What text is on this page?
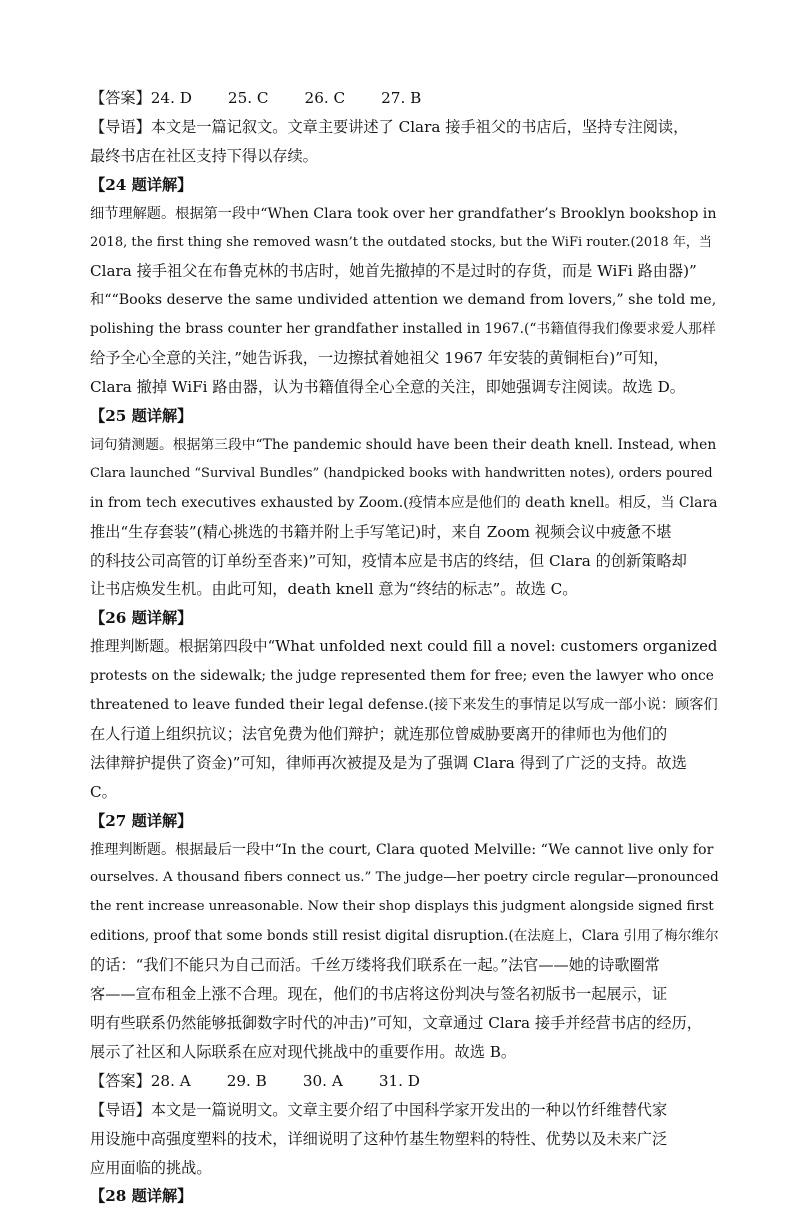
【答案】24. D 25. C 26. C 27. B

【导语】本文是一篇记叙文。文章主要讲述了 Clara 接手祖父的书店后，坚持专注阅读，

最终书店在社区支持下得以存续。

【24 题详解】

细节理解题。根据第一段中“When Clara took over her grandfather’s Brooklyn bookshop in

2018, the first thing she removed wasn’t the outdated stocks, but the WiFi router.(2018 年，当

Clara 接手祖父在布鲁克林的书店时，她首先撤掉的不是过时的存货，而是 WiFi 路由器)”

和““Books deserve the same undivided attention we demand from lovers,” she told me,

polishing the brass counter her grandfather installed in 1967.(“书籍值得我们像要求爱人那样

给予全心全意的关注，”她告诉我，一边擦拭着她祖父 1967 年安装的黄铜柜台)”可知，

Clara 撤掉 WiFi 路由器，认为书籍值得全心全意的关注，即她强调专注阅读。故选 D。

【25 题详解】

词句猜测题。根据第三段中“The pandemic should have been their death knell. Instead, when

Clara launched “Survival Bundles” (handpicked books with handwritten notes), orders poured

in from tech executives exhausted by Zoom.(疫情本应是他们的 death knell。相反，当 Clara

推出“生存套装”(精心挑选的书籍并附上手写笔记)时，来自 Zoom 视频会议中疲惫不堪

的科技公司高管的订单纷至沓来)”可知，疫情本应是书店的终结，但 Clara 的创新策略却

让书店焕发生机。由此可知，death knell 意为“终结的标志”。故选 C。

【26 题详解】

推理判断题。根据第四段中“What unfolded next could fill a novel: customers organized

protests on the sidewalk; the judge represented them for free; even the lawyer who once

threatened to leave funded their legal defense.(接下来发生的事情足以写成一部小说：顾客们

在人行道上组织抗议；法官免费为他们辩护；就连那位曾威胁要离开的律师也为他们的

法律辩护提供了资金)”可知，律师再次被提及是为了强调 Clara 得到了广泛的支持。故选

C。

【27 题详解】

推理判断题。根据最后一段中“In the court, Clara quoted Melville: “We cannot live only for

ourselves. A thousand fibers connect us.” The judge—her poetry circle regular—pronounced

the rent increase unreasonable. Now their shop displays this judgment alongside signed first

editions, proof that some bonds still resist digital disruption.(在法庭上，Clara 引用了梅尔维尔

的话：“我们不能只为自己而活。千丝万缕将我们联系在一起。”法官——她的诗歌圈常

客——宣布租金上涨不合理。现在，他们的书店将这份判决与签名初版书一起展示，证

明有些联系仍然能够抵御数字时代的冲击)”可知，文章通过 Clara 接手并经营书店的经历，

展示了社区和人际联系在应对现代挑战中的重要作用。故选 B。

【答案】28. A 29. B 30. A 31. D

【导语】本文是一篇说明文。文章主要介绍了中国科学家开发出的一种以竹纤维替代家

用设施中高强度塑料的技术，详细说明了这种竹基生物塑料的特性、优势以及未来广泛

应用面临的挑战。

【28 题详解】
